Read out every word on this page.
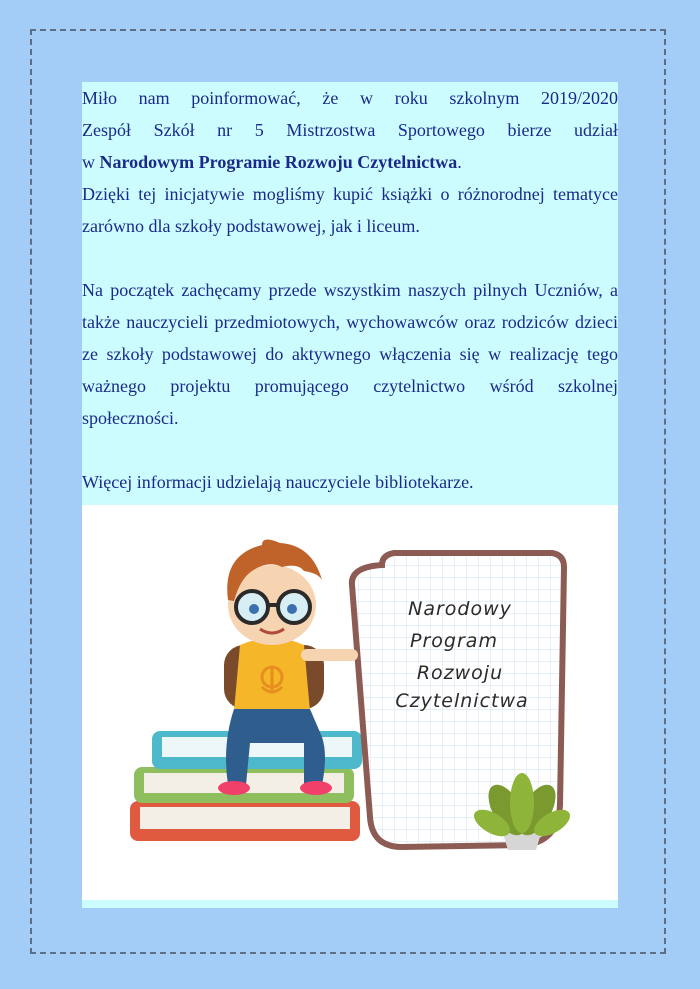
Miło nam poinformować, że w roku szkolnym 2019/2020

Zespół Szkół nr 5 Mistrzostwa Sportowego bierze udział

w Narodowym Programie Rozwoju Czytelnictwa.

Dzięki tej inicjatywie mogliśmy kupić książki o różnorodnej tematyce zarówno dla szkoły podstawowej, jak i liceum.

Na początek zachęcamy przede wszystkim naszych pilnych Uczniów, a także nauczycieli przedmiotowych, wychowawców oraz rodziców dzieci ze szkoły podstawowej do aktywnego włączenia się w realizację tego ważnego projektu promującego czytelnictwo wśród szkolnej społeczności.

Więcej informacji udzielają nauczyciele bibliotekarze.

Narodowy
Program
Rozwoju
Czytelnictwa
